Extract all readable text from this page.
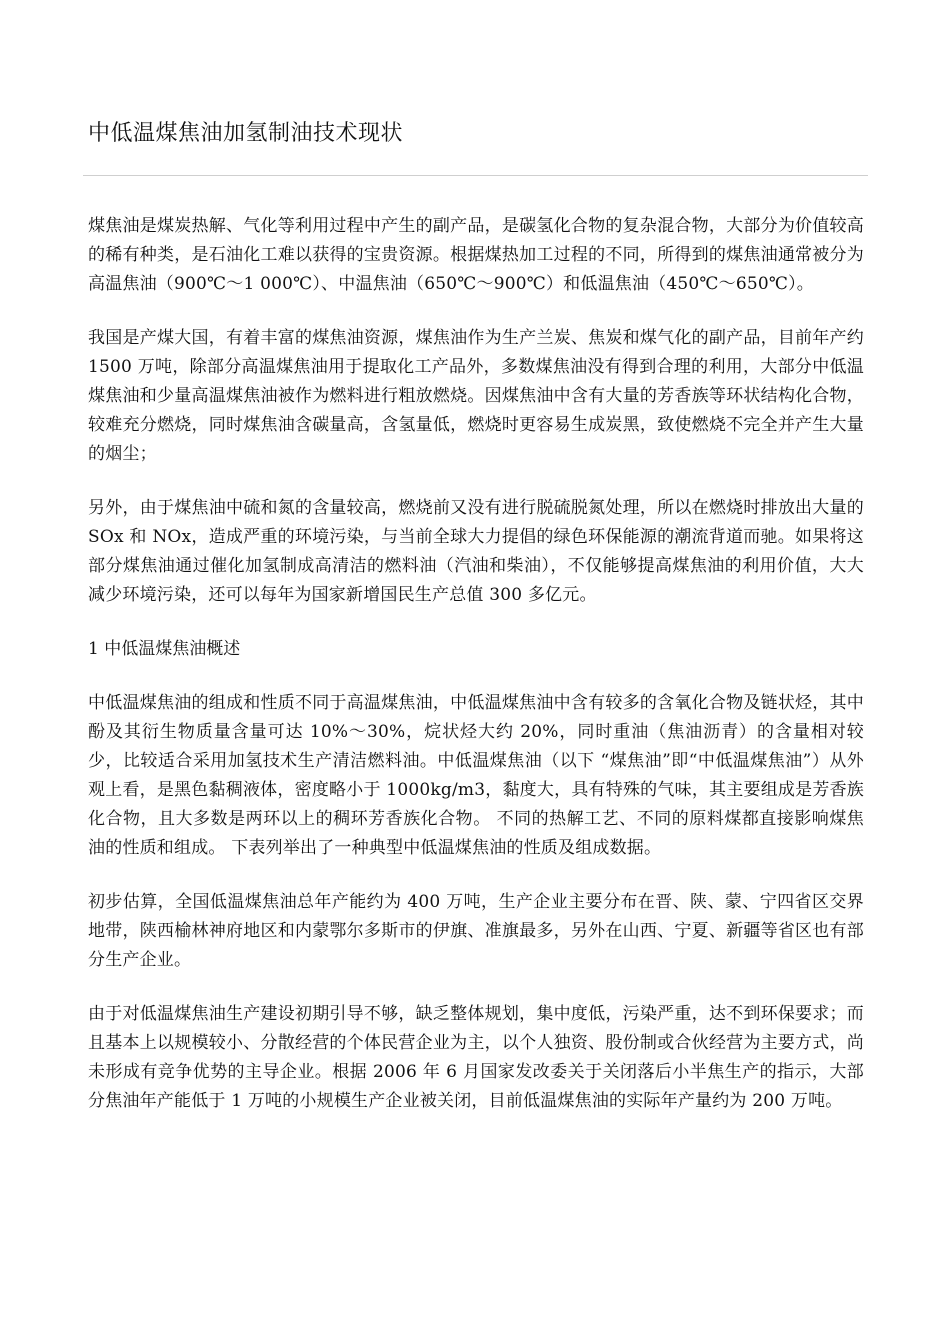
中低温煤焦油加氢制油技术现状

煤焦油是煤炭热解、气化等利用过程中产生的副产品，是碳氢化合物的复杂混合物，大部分为价值较高的稀有种类，是石油化工难以获得的宝贵资源。根据煤热加工过程的不同，所得到的煤焦油通常被分为高温焦油（900℃～1 000℃）、中温焦油（650℃～900℃）和低温焦油（450℃～650℃）。

我国是产煤大国，有着丰富的煤焦油资源，煤焦油作为生产兰炭、焦炭和煤气化的副产品，目前年产约 1500 万吨，除部分高温煤焦油用于提取化工产品外，多数煤焦油没有得到合理的利用，大部分中低温煤焦油和少量高温煤焦油被作为燃料进行粗放燃烧。因煤焦油中含有大量的芳香族等环状结构化合物，较难充分燃烧，同时煤焦油含碳量高，含氢量低，燃烧时更容易生成炭黑，致使燃烧不完全并产生大量的烟尘；

另外，由于煤焦油中硫和氮的含量较高，燃烧前又没有进行脱硫脱氮处理，所以在燃烧时排放出大量的 SOx 和 NOx，造成严重的环境污染，与当前全球大力提倡的绿色环保能源的潮流背道而驰。如果将这部分煤焦油通过催化加氢制成高清洁的燃料油（汽油和柴油），不仅能够提高煤焦油的利用价值，大大减少环境污染，还可以每年为国家新增国民生产总值 300 多亿元。

1 中低温煤焦油概述

中低温煤焦油的组成和性质不同于高温煤焦油，中低温煤焦油中含有较多的含氧化合物及链状烃，其中酚及其衍生物质量含量可达 10%～30%，烷状烃大约 20%，同时重油（焦油沥青）的含量相对较少，比较适合采用加氢技术生产清洁燃料油。中低温煤焦油（以下 “煤焦油”即“中低温煤焦油”）从外观上看，是黑色黏稠液体，密度略小于 1000kg/m3，黏度大，具有特殊的气味，其主要组成是芳香族化合物，且大多数是两环以上的稠环芳香族化合物。 不同的热解工艺、不同的原料煤都直接影响煤焦油的性质和组成。 下表列举出了一种典型中低温煤焦油的性质及组成数据。

初步估算，全国低温煤焦油总年产能约为 400 万吨，生产企业主要分布在晋、陕、蒙、宁四省区交界地带，陕西榆林神府地区和内蒙鄂尔多斯市的伊旗、准旗最多，另外在山西、宁夏、新疆等省区也有部分生产企业。

由于对低温煤焦油生产建设初期引导不够，缺乏整体规划，集中度低，污染严重，达不到环保要求；而且基本上以规模较小、分散经营的个体民营企业为主，以个人独资、股份制或合伙经营为主要方式，尚未形成有竞争优势的主导企业。根据 2006 年 6 月国家发改委关于关闭落后小半焦生产的指示，大部分焦油年产能低于 1 万吨的小规模生产企业被关闭，目前低温煤焦油的实际年产量约为 200 万吨。
